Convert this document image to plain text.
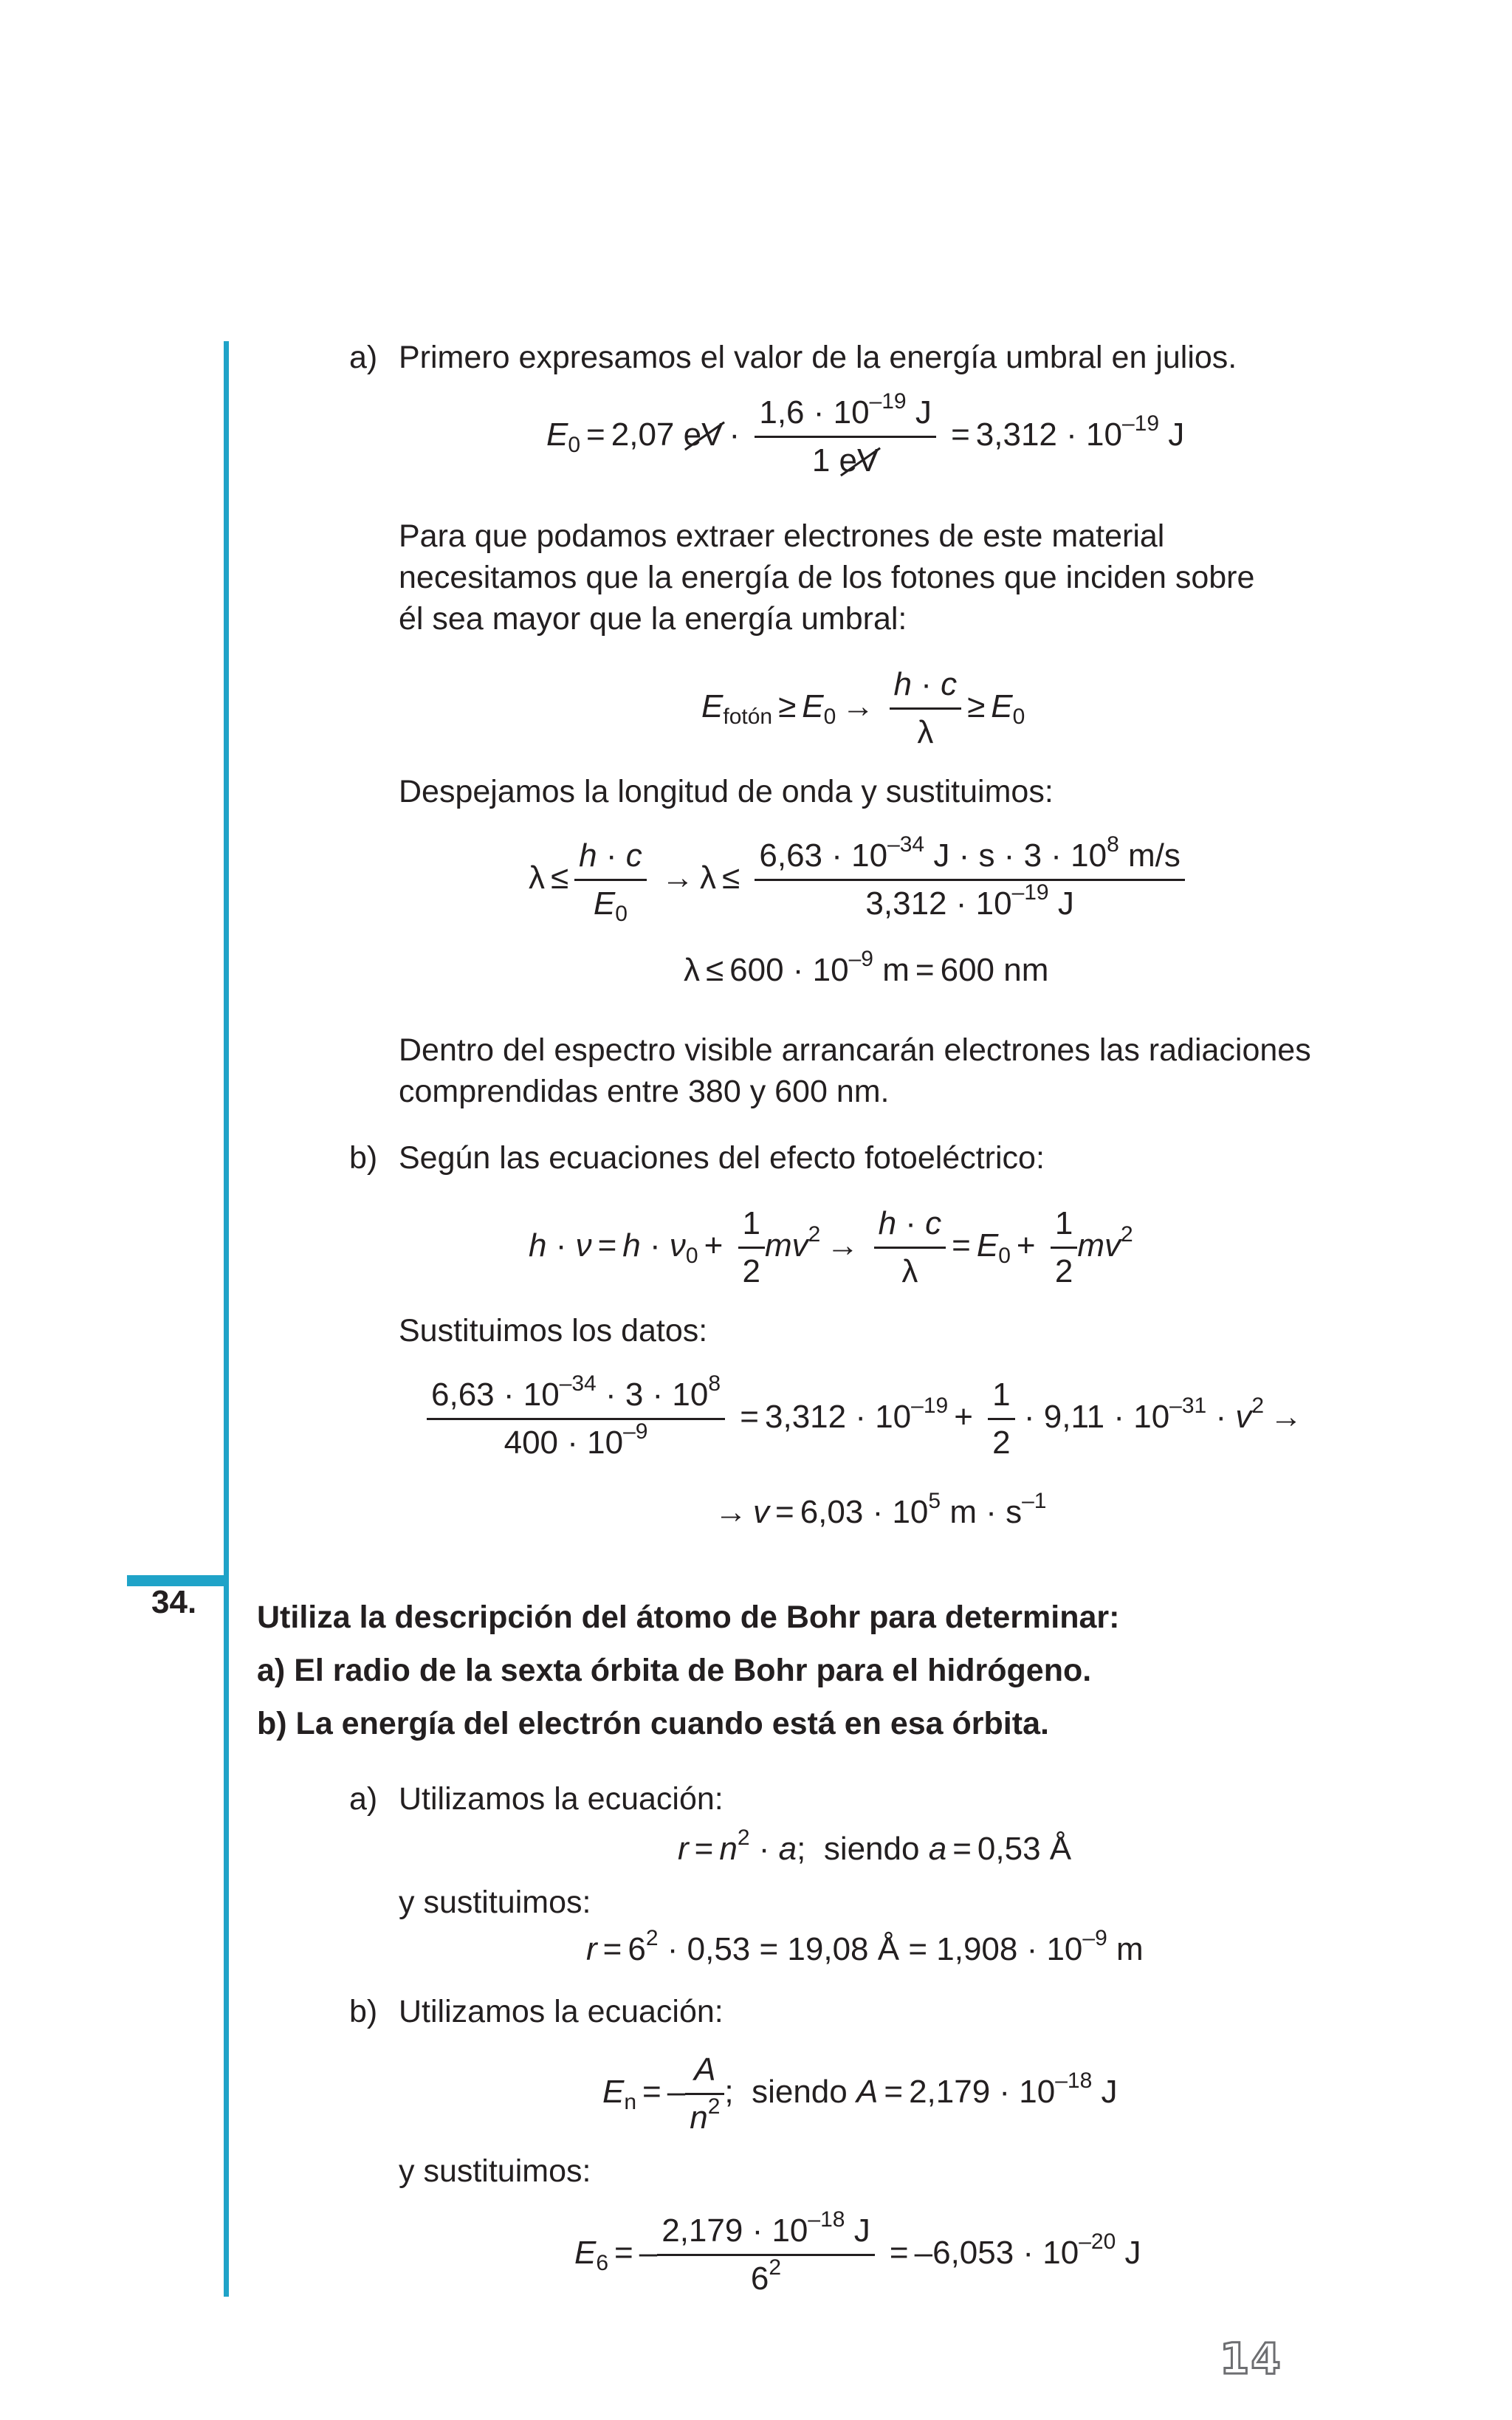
a) Primero expresamos el valor de la energía umbral en julios.
$E_0 = 2,07$ eV · $\frac{1,6 \cdot 10^{-19} J}{1 eV} = 3,312 \cdot 10^{-19}$ J
Para que podamos extraer electrones de este material
necesitamos que la energía de los fotones que inciden sobre
él sea mayor que la energía umbral:
$E_{fotón} \ge E_0 \to \frac{h \cdot c}{\lambda} \ge E_0$
Despejamos la longitud de onda y sustituimos:
$\lambda \le \frac{h \cdot c}{E_0} \to \lambda \le \frac{6,63 \cdot 10^{-34} J \cdot s \cdot 3 \cdot 10^8 m/s}{3,312 \cdot 10^{-19} J}$
$\lambda \le 600 \cdot 10^{-9}$ m = 600 nm
Dentro del espectro visible arrancarán electrones las radiaciones
comprendidas entre 380 y 600 nm.
b) Según las ecuaciones del efecto fotoeléctrico:
$h \cdot \nu = h \cdot \nu_0 + \frac{1}{2} mv^2 \to \frac{h \cdot c}{\lambda} = E_0 + \frac{1}{2} mv^2$
Sustituimos los datos:
$\frac{6,63 \cdot 10^{-34} \cdot 3 \cdot 10^8}{400 \cdot 10^{-9}} = 3,312 \cdot 10^{-19} + \frac{1}{2} \cdot 9,11 \cdot 10^{-31} \cdot v^2$ →
→ $v = 6,03 \cdot 10^5$ $m \cdot s^{-1}$
34. Utiliza la descripción del átomo de Bohr para determinar:
a) El radio de la sexta órbita de Bohr para el hidrógeno.
b) La energía del electrón cuando está en esa órbita.
a) Utilizamos la ecuación:
$r = n^2 \cdot a$;  siendo a = 0,53 Å
y sustituimos:
$r = 6^2 \cdot 0,53 = 19,08$ Å = $1,908 \cdot 10^{-9}$ m
b) Utilizamos la ecuación:
$E_n$ = – $\frac{A}{n^2}$ ;  siendo $A = 2,179 \cdot 10^{-18}$ J
y sustituimos:
$E_6$ = – $\frac{2,179 \cdot 10^{-18} J}{6^2} = -6,053 \cdot 10^{-20}$ J
14
